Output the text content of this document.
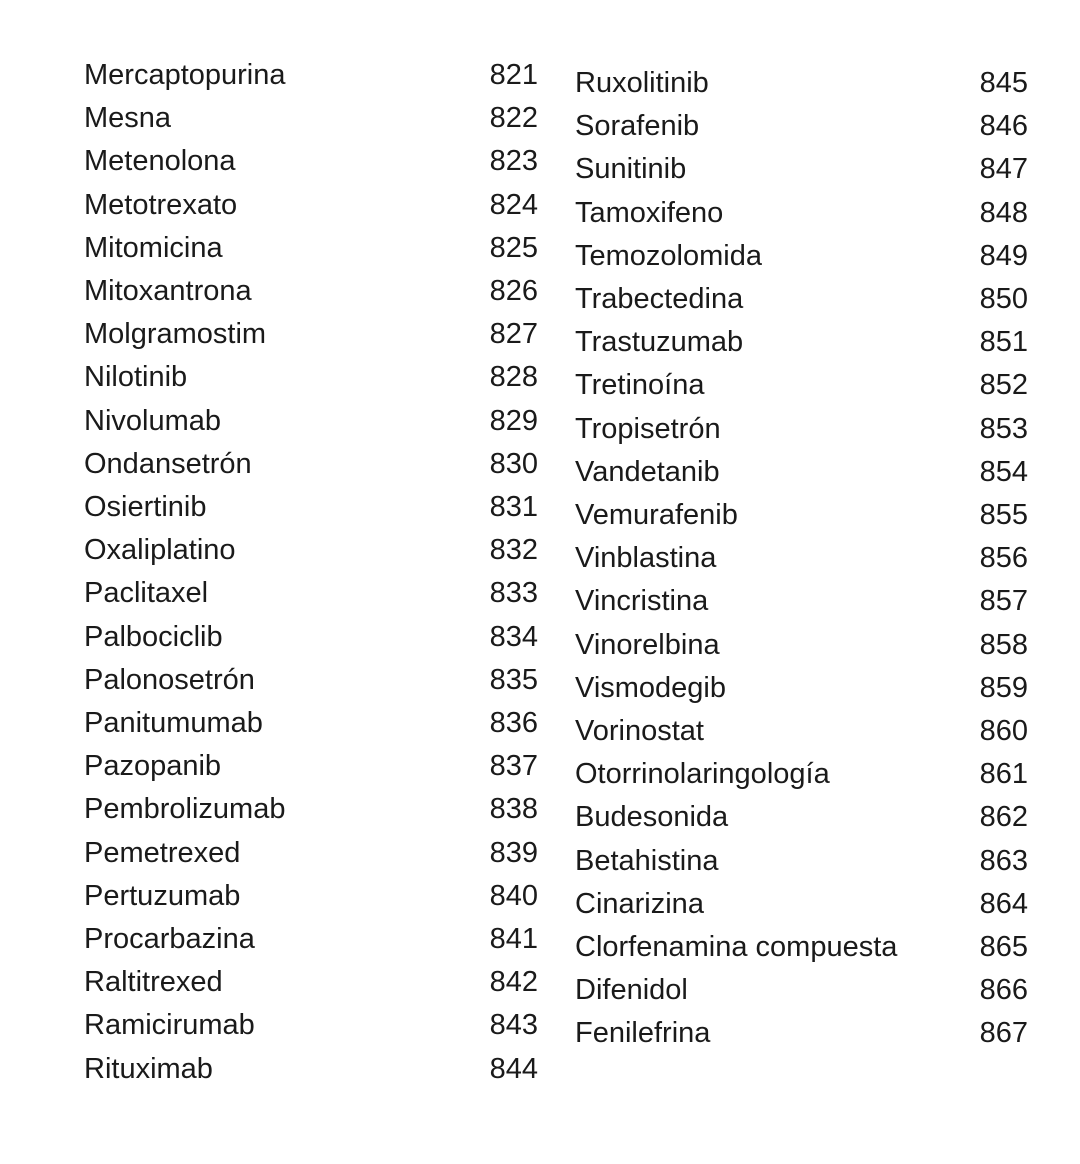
Mercaptopurina	821
Mesna	822
Metenolona	823
Metotrexato	824
Mitomicina	825
Mitoxantrona	826
Molgramostim	827
Nilotinib	828
Nivolumab	829
Ondansetrón	830
Osiertinib	831
Oxaliplatino	832
Paclitaxel	833
Palbociclib	834
Palonosetrón	835
Panitumumab	836
Pazopanib	837
Pembrolizumab	838
Pemetrexed	839
Pertuzumab	840
Procarbazina	841
Raltitrexed	842
Ramicirumab	843
Rituximab	844
Ruxolitinib	845
Sorafenib	846
Sunitinib	847
Tamoxifeno	848
Temozolomida	849
Trabectedina	850
Trastuzumab	851
Tretinoína	852
Tropisetrón	853
Vandetanib	854
Vemurafenib	855
Vinblastina	856
Vincristina	857
Vinorelbina	858
Vismodegib	859
Vorinostat	860
Otorrinolaringología	861
Budesonida	862
Betahistina	863
Cinarizina	864
Clorfenamina compuesta	865
Difenidol	866
Fenilefrina	867
